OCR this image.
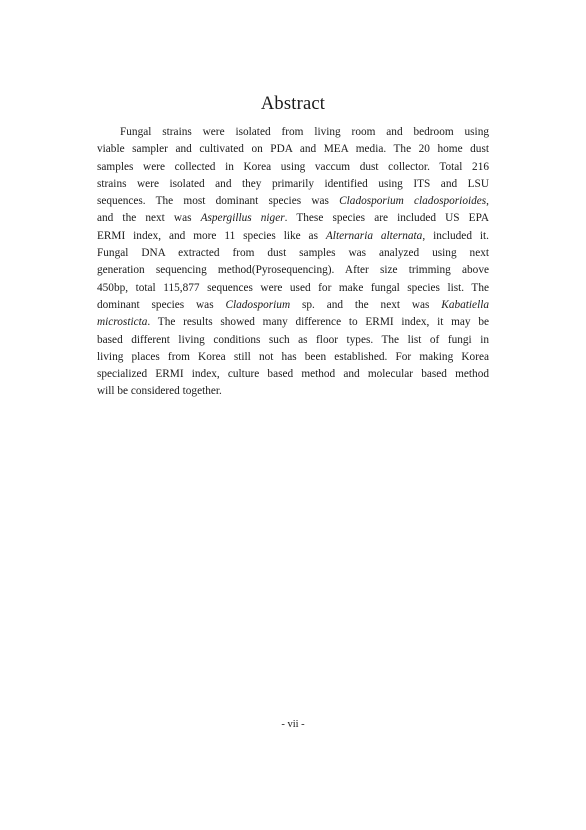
Abstract
Fungal strains were isolated from living room and bedroom using
viable sampler and cultivated on PDA and MEA media. The 20 home dust
samples were collected in Korea using vaccum dust collector. Total 216
strains were isolated and they primarily identified using ITS and LSU
sequences. The most dominant species was Cladosporium cladosporioides,
and the next was Aspergillus niger. These species are included US EPA
ERMI index, and more 11 species like as Alternaria alternata, included it.
Fungal DNA extracted from dust samples was analyzed using next
generation sequencing method(Pyrosequencing). After size trimming above
450bp, total 115,877 sequences were used for make fungal species list. The
dominant species was Cladosporium sp. and the next was Kabatiella
microsticta. The results showed many difference to ERMI index, it may be
based different living conditions such as floor types. The list of fungi in
living places from Korea still not has been established. For making Korea
specialized ERMI index, culture based method and molecular based method
will be considered together.
- vii -
